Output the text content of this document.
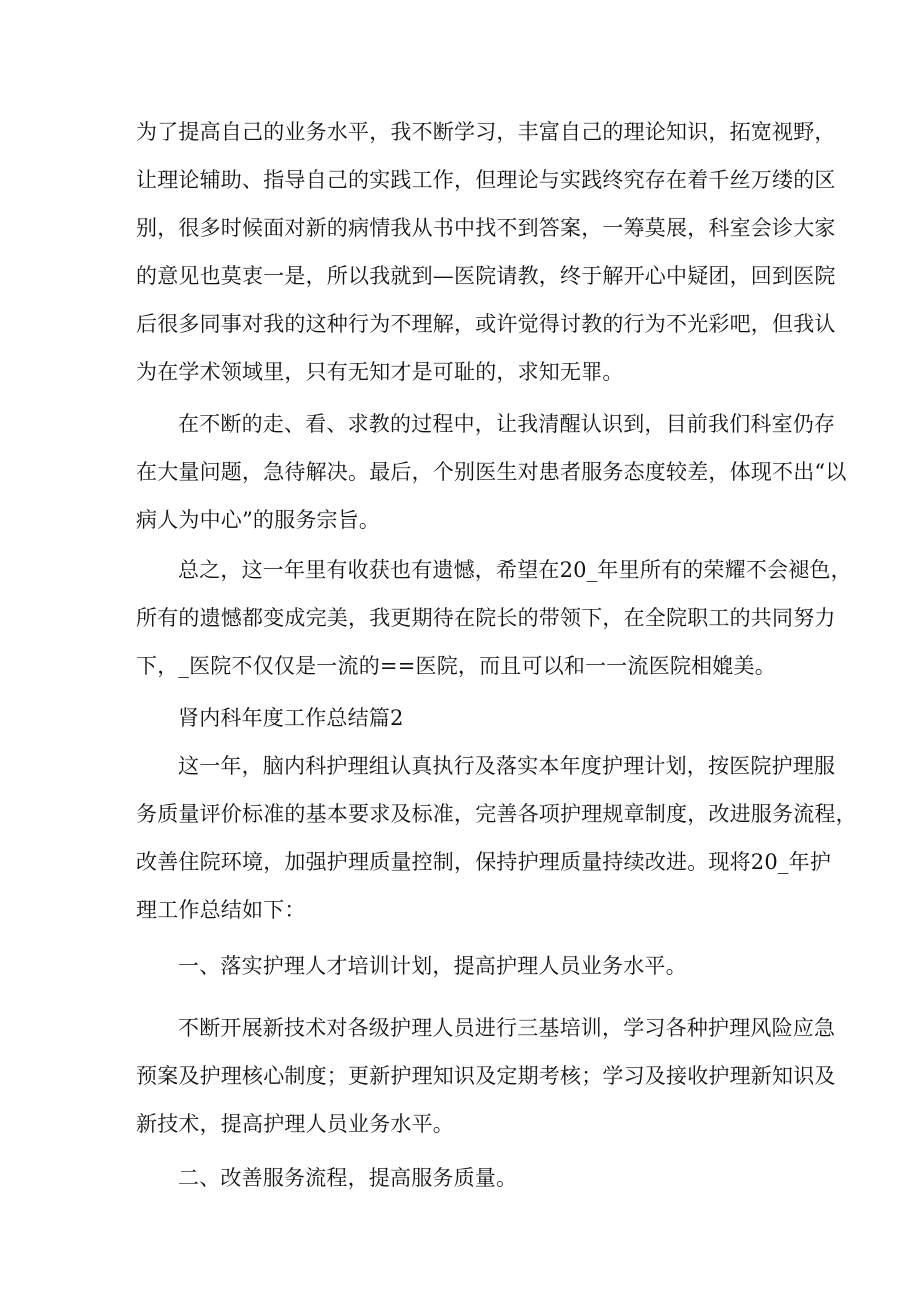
为了提高自己的业务水平，我不断学习，丰富自己的理论知识，拓宽视野，
让理论辅助、指导自己的实践工作，但理论与实践终究存在着千丝万缕的区
别，很多时候面对新的病情我从书中找不到答案，一筹莫展，科室会诊大家
的意见也莫衷一是，所以我就到—医院请教，终于解开心中疑团，回到医院
后很多同事对我的这种行为不理解，或许觉得讨教的行为不光彩吧，但我认
为在学术领域里，只有无知才是可耻的，求知无罪。
在不断的走、看、求教的过程中，让我清醒认识到，目前我们科室仍存
在大量问题，急待解决。最后，个别医生对患者服务态度较差，体现不出“以
病人为中心”的服务宗旨。
总之，这一年里有收获也有遗憾，希望在20_年里所有的荣耀不会褪色，
所有的遗憾都变成完美，我更期待在院长的带领下，在全院职工的共同努力
下，_医院不仅仅是一流的==医院，而且可以和一一流医院相媲美。
肾内科年度工作总结篇2
这一年，脑内科护理组认真执行及落实本年度护理计划，按医院护理服
务质量评价标准的基本要求及标准，完善各项护理规章制度，改进服务流程，
改善住院环境，加强护理质量控制，保持护理质量持续改进。现将20_年护
理工作总结如下：
一、落实护理人才培训计划，提高护理人员业务水平。
不断开展新技术对各级护理人员进行三基培训，学习各种护理风险应急
预案及护理核心制度；更新护理知识及定期考核；学习及接收护理新知识及
新技术，提高护理人员业务水平。
二、改善服务流程，提高服务质量。
